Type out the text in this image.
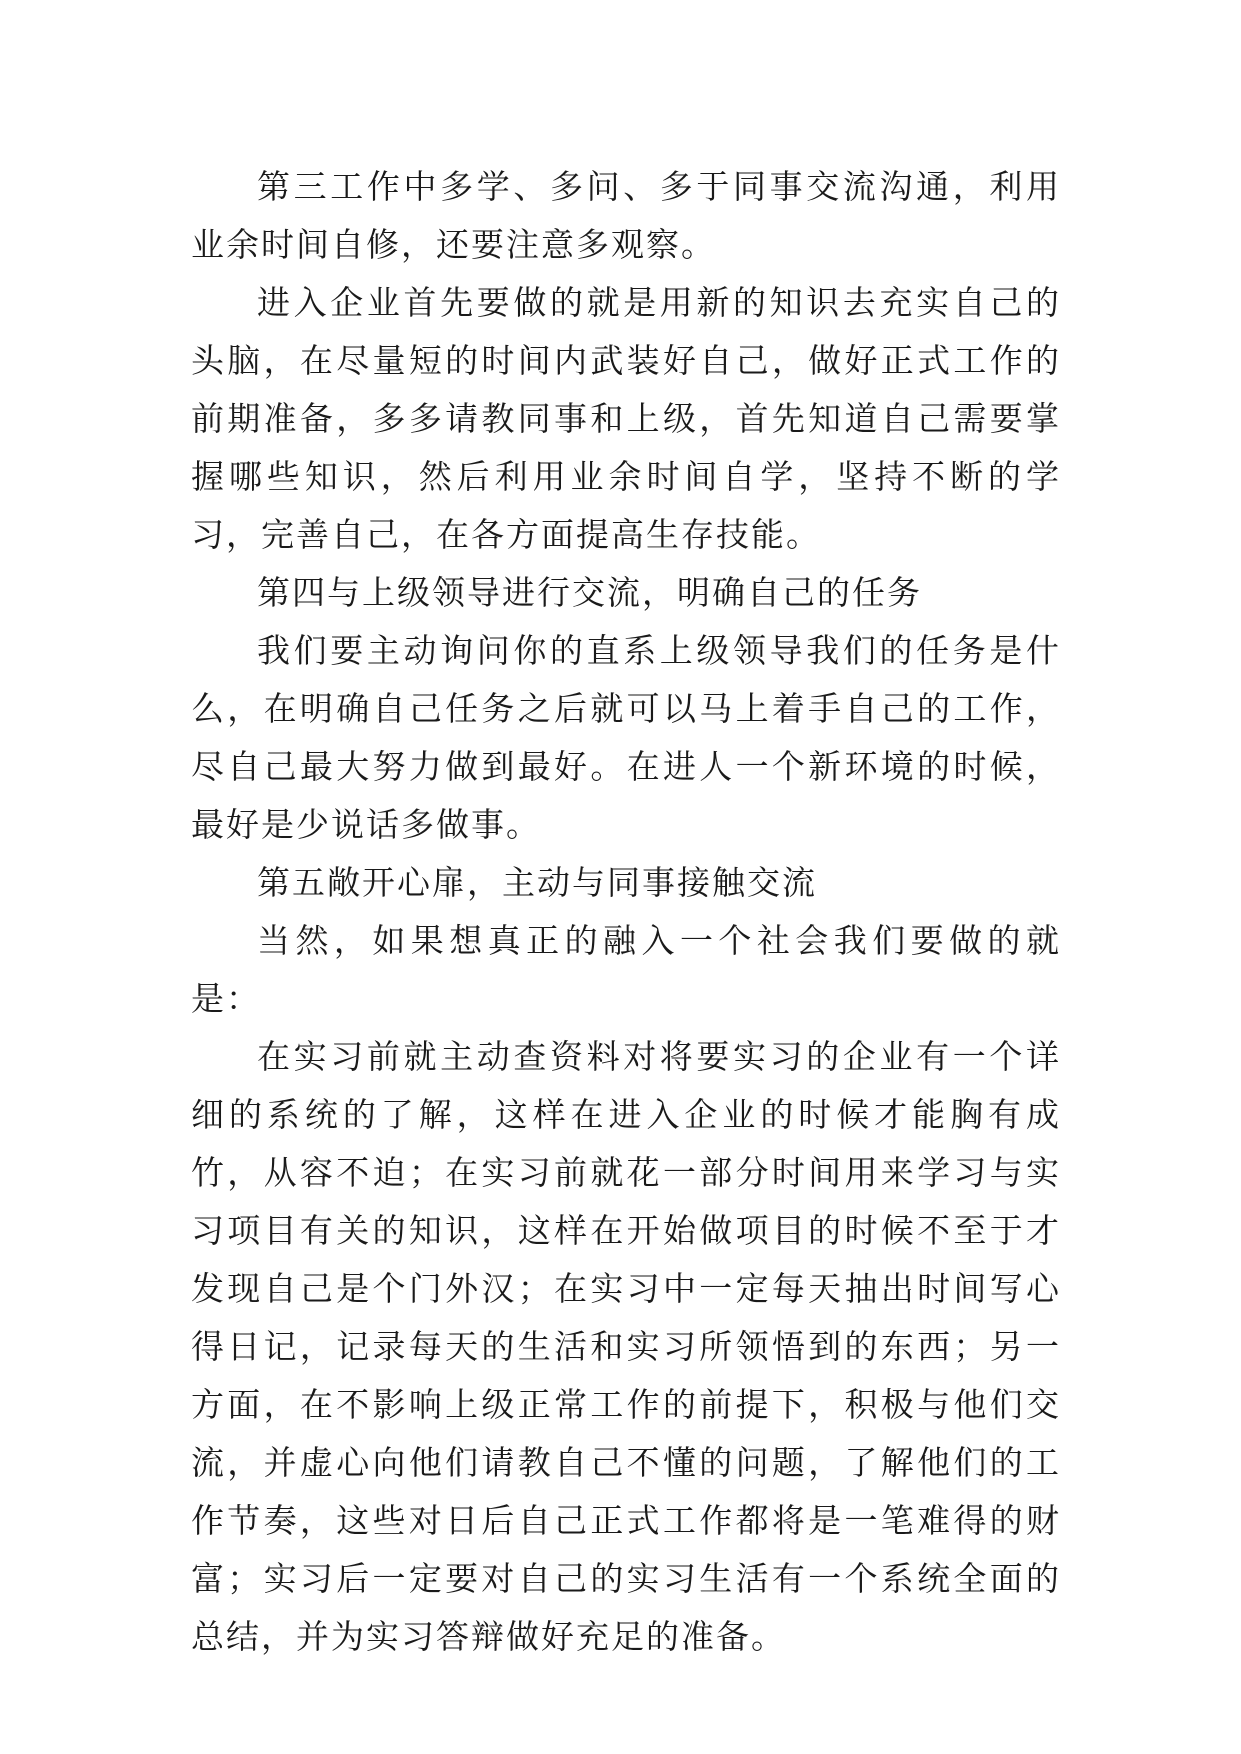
第三工作中多学、多问、多于同事交流沟通，利用业余时间自修，还要注意多观察。

进入企业首先要做的就是用新的知识去充实自己的头脑，在尽量短的时间内武装好自己，做好正式工作的前期准备，多多请教同事和上级，首先知道自己需要掌握哪些知识，然后利用业余时间自学，坚持不断的学习，完善自己，在各方面提高生存技能。

第四与上级领导进行交流，明确自己的任务

我们要主动询问你的直系上级领导我们的任务是什么，在明确自己任务之后就可以马上着手自己的工作，尽自己最大努力做到最好。在进人一个新环境的时候，最好是少说话多做事。

第五敞开心扉，主动与同事接触交流

当然，如果想真正的融入一个社会我们要做的就是：

在实习前就主动查资料对将要实习的企业有一个详细的系统的了解，这样在进入企业的时候才能胸有成竹，从容不迫；在实习前就花一部分时间用来学习与实习项目有关的知识，这样在开始做项目的时候不至于才发现自己是个门外汉；在实习中一定每天抽出时间写心得日记，记录每天的生活和实习所领悟到的东西；另一方面，在不影响上级正常工作的前提下，积极与他们交流，并虚心向他们请教自己不懂的问题，了解他们的工作节奏，这些对日后自己正式工作都将是一笔难得的财富；实习后一定要对自己的实习生活有一个系统全面的总结，并为实习答辩做好充足的准备。
